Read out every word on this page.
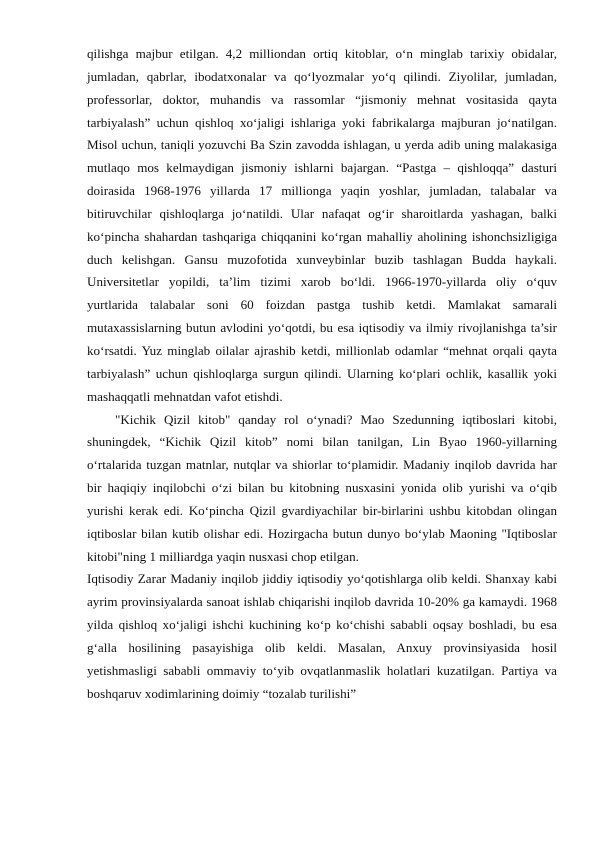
qilishga majbur etilgan. 4,2 milliondan ortiq kitoblar, o‘n minglab tarixiy obidalar, jumladan, qabrlar, ibodatxonalar va qo‘lyozmalar yo‘q qilindi. Ziyolilar, jumladan, professorlar, doktor, muhandis va rassomlar “jismoniy mehnat vositasida qayta tarbiyalash” uchun qishloq xo‘jaligi ishlariga yoki fabrikalarga majburan jo‘natilgan. Misol uchun, taniqli yozuvchi Ba Szin zavodda ishlagan, u yerda adib uning malakasiga mutlaqo mos kelmaydigan jismoniy ishlarni bajargan. “Pastga – qishloqqa” dasturi doirasida 1968-1976 yillarda 17 millionga yaqin yoshlar, jumladan, talabalar va bitiruvchilar qishloqlarga jo‘natildi. Ular nafaqat og‘ir sharoitlarda yashagan, balki ko‘pincha shahardan tashqariga chiqqanini ko‘rgan mahalliy aholining ishonchsizligiga duch kelishgan. Gansu muzofotida xunveybinlar buzib tashlagan Budda haykali. Universitetlar yopildi, ta’lim tizimi xarob bo‘ldi. 1966-1970-yillarda oliy o‘quv yurtlarida talabalar soni 60 foizdan pastga tushib ketdi. Mamlakat samarali mutaxassislarning butun avlodini yo‘qotdi, bu esa iqtisodiy va ilmiy rivojlanishga ta’sir ko‘rsatdi. Yuz minglab oilalar ajrashib ketdi, millionlab odamlar “mehnat orqali qayta tarbiyalash” uchun qishloqlarga surgun qilindi. Ularning ko‘plari ochlik, kasallik yoki mashaqqatli mehnatdan vafot etishdi.

"Kichik Qizil kitob" qanday rol o‘ynadi? Mao Szedunning iqtiboslari kitobi, shuningdek, “Kichik Qizil kitob” nomi bilan tanilgan, Lin Byao 1960-yillarning o‘rtalarida tuzgan matnlar, nutqlar va shiorlar to‘plamidir. Madaniy inqilob davrida har bir haqiqiy inqilobchi o‘zi bilan bu kitobning nusxasini yonida olib yurishi va o‘qib yurishi kerak edi. Ko‘pincha Qizil gvardiyachilar bir-birlarini ushbu kitobdan olingan iqtiboslar bilan kutib olishar edi. Hozirgacha butun dunyo bo‘ylab Maoning "Iqtiboslar kitobi"ning 1 milliardga yaqin nusxasi chop etilgan.

Iqtisodiy Zarar Madaniy inqilob jiddiy iqtisodiy yo‘qotishlarga olib keldi. Shanxay kabi ayrim provinsiyalarda sanoat ishlab chiqarishi inqilob davrida 10-20% ga kamaydi. 1968 yilda qishloq xo‘jaligi ishchi kuchining ko‘p ko‘chishi sababli oqsay boshladi, bu esa g‘alla hosilining pasayishiga olib keldi. Masalan, Anxuy provinsiyasida hosil yetishmasligi sababli ommaviy to‘yib ovqatlanmaslik holatlari kuzatilgan. Partiya va boshqaruv xodimlarining doimiy “tozalab turilishi”
